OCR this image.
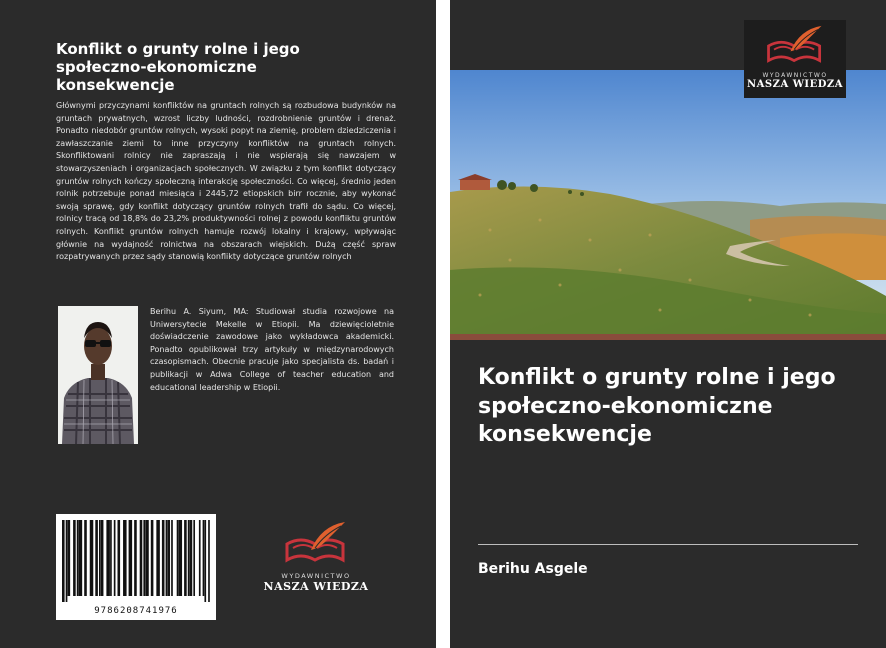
Konflikt o grunty rolne i jego społeczno-ekonomiczne konsekwencje

Głównymi przyczynami konfliktów na gruntach rolnych są rozbudowa budynków na gruntach prywatnych, wzrost liczby ludności, rozdrobnienie gruntów i drenaż. Ponadto niedobór gruntów rolnych, wysoki popyt na ziemię, problem dziedziczenia i zawłaszczanie ziemi to inne przyczyny konfliktów na gruntach rolnych. Skonfliktowani rolnicy nie zapraszają i nie wspierają się nawzajem w stowarzyszeniach i organizacjach społecznych. W związku z tym konflikt dotyczący gruntów rolnych kończy społeczną interakcję społeczności. Co więcej, średnio jeden rolnik potrzebuje ponad miesiąca i 2445,72 etiopskich birr rocznie, aby wykonać swoją sprawę, gdy konflikt dotyczący gruntów rolnych trafił do sądu. Co więcej, rolnicy tracą od 18,8% do 23,2% produktywności rolnej z powodu konfliktu gruntów rolnych. Konflikt gruntów rolnych hamuje rozwój lokalny i krajowy, wpływając głównie na wydajność rolnictwa na obszarach wiejskich. Dużą część spraw rozpatrywanych przez sądy stanowią konflikty dotyczące gruntów rolnych

Berihu A. Siyum, MA: Studiował studia rozwojowe na Uniwersytecie Mekelle w Etiopii. Ma dziewięcioletnie doświadczenie zawodowe jako wykładowca akademicki. Ponadto opublikował trzy artykuły w międzynarodowych czasopismach. Obecnie pracuje jako specjalista ds. badań i publikacji w Adwa College of teacher education and educational leadership w Etiopii.

9786208741976
WYDAWNICTWO
NASZA WIEDZA
WYDAWNICTWO
NASZA WIEDZA
Konflikt o grunty rolne i jego społeczno-ekonomiczne konsekwencje
Berihu Asgele
